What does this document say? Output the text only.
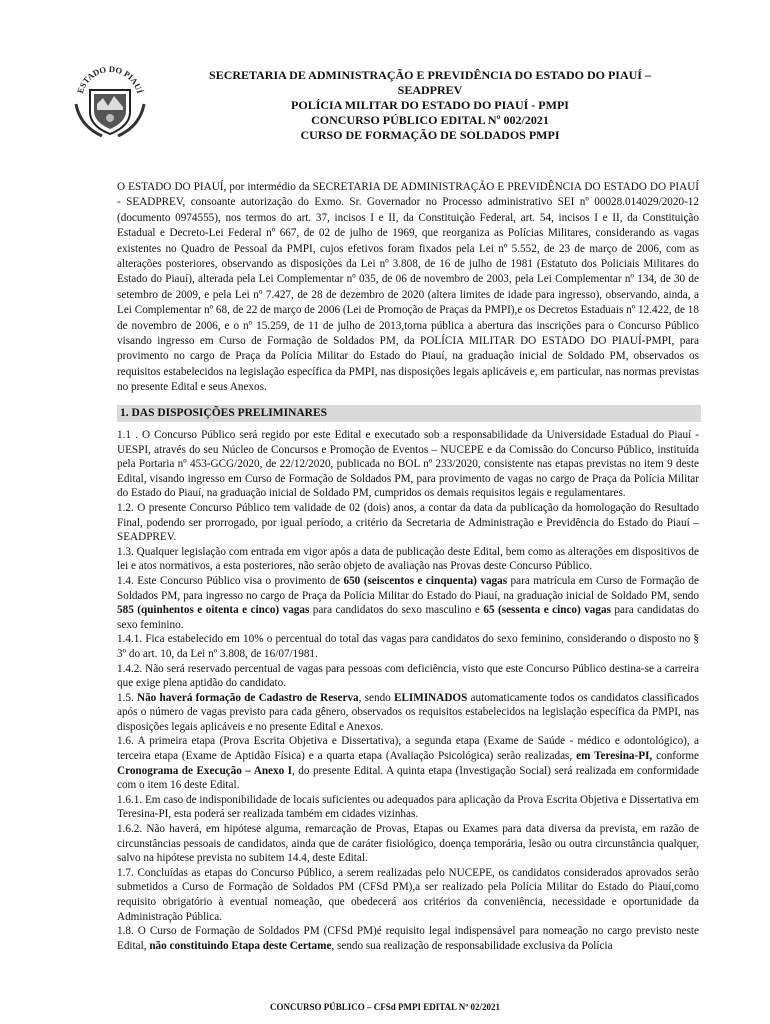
ESTADO DO PIAUÍ
SECRETARIA DE ADMINISTRAÇÃO E PREVIDÊNCIA DO ESTADO DO PIAUÍ –
SEADPREV
POLÍCIA MILITAR DO ESTADO DO PIAUÍ - PMPI
CONCURSO PÚBLICO EDITAL Nº 002/2021
CURSO DE FORMAÇÃO DE SOLDADOS PMPI
O ESTADO DO PIAUÍ, por intermédio da SECRETARIA DE ADMINISTRAÇÃO E PREVIDÊNCIA DO ESTADO DO PIAUÍ - SEADPREV, consoante autorização do Exmo. Sr. Governador no Processo administrativo SEI nº 00028.014029/2020-12 (documento 0974555), nos termos do art. 37, incisos I e II, da Constituição Federal, art. 54, incisos I e II, da Constituição Estadual e Decreto-Lei Federal nº 667, de 02 de julho de 1969, que reorganiza as Polícias Militares, considerando as vagas existentes no Quadro de Pessoal da PMPI, cujos efetivos foram fixados pela Lei nº 5.552, de 23 de março de 2006, com as alterações posteriores, observando as disposições da Lei nº 3.808, de 16 de julho de 1981 (Estatuto dos Policiais Militares do Estado do Piauí), alterada pela Lei Complementar nº 035, de 06 de novembro de 2003, pela Lei Complementar nº 134, de 30 de setembro de 2009, e pela Lei nº 7.427, de 28 de dezembro de 2020 (altera limites de idade para ingresso), observando, ainda, a Lei Complementar nº 68, de 22 de março de 2006 (Lei de Promoção de Praças da PMPI),e os Decretos Estaduais nº 12.422, de 18 de novembro de 2006, e o nº 15.259, de 11 de julho de 2013,torna pública a abertura das inscrições para o Concurso Público visando ingresso em Curso de Formação de Soldados PM, da POLÍCIA MILITAR DO ESTADO DO PIAUÍ-PMPI, para provimento no cargo de Praça da Polícia Militar do Estado do Piauí, na graduação inicial de Soldado PM, observados os requisitos estabelecidos na legislação específica da PMPI, nas disposições legais aplicáveis e, em particular, nas normas previstas no presente Edital e seus Anexos.
1. DAS DISPOSIÇÕES PRELIMINARES

1.1 . O Concurso Público será regido por este Edital e executado sob a responsabilidade da Universidade Estadual do Piauí - UESPI, através do seu Núcleo de Concursos e Promoção de Eventos – NUCEPE e da Comissão do Concurso Público, instituída pela Portaria nº 453-GCG/2020, de 22/12/2020, publicada no BOL nº 233/2020, consistente nas etapas previstas no item 9 deste Edital, visando ingresso em Curso de Formação de Soldados PM, para provimento de vagas no cargo de Praça da Polícia Militar do Estado do Piauí, na graduação inicial de Soldado PM, cumpridos os demais requisitos legais e regulamentares.

1.2. O presente Concurso Público tem validade de 02 (dois) anos, a contar da data da publicação da homologação do Resultado Final, podendo ser prorrogado, por igual período, a critério da Secretaria de Administração e Previdência do Estado do Piauí – SEADPREV.

1.3. Qualquer legislação com entrada em vigor após a data de publicação deste Edital, bem como as alterações em dispositivos de lei e atos normativos, a esta posteriores, não serão objeto de avaliação nas Provas deste Concurso Público.

1.4. Este Concurso Público visa o provimento de 650 (seiscentos e cinquenta) vagas para matrícula em Curso de Formação de Soldados PM, para ingresso no cargo de Praça da Polícia Militar do Estado do Piauí, na graduação inicial de Soldado PM, sendo 585 (quinhentos e oitenta e cinco) vagas para candidatos do sexo masculino e 65 (sessenta e cinco) vagas para candidatas do sexo feminino.

1.4.1. Fica estabelecido em 10% o percentual do total das vagas para candidatos do sexo feminino, considerando o disposto no § 3º do art. 10, da Lei nº 3.808, de 16/07/1981.

1.4.2. Não será reservado percentual de vagas para pessoas com deficiência, visto que este Concurso Público destina-se a carreira que exige plena aptidão do candidato.

1.5. Não haverá formação de Cadastro de Reserva, sendo ELIMINADOS automaticamente todos os candidatos classificados após o número de vagas previsto para cada gênero, observados os requisitos estabelecidos na legislação específica da PMPI, nas disposições legais aplicáveis e no presente Edital e Anexos.

1.6. A primeira etapa (Prova Escrita Objetiva e Dissertativa), a segunda etapa (Exame de Saúde - médico e odontológico), a terceira etapa (Exame de Aptidão Física) e a quarta etapa (Avaliação Psicológica) serão realizadas, em Teresina-PI, conforme Cronograma de Execução – Anexo I, do presente Edital. A quinta etapa (Investigação Social) será realizada em conformidade com o item 16 deste Edital.

1.6.1. Em caso de indisponibilidade de locais suficientes ou adequados para aplicação da Prova Escrita Objetiva e Dissertativa em Teresina-PI, esta poderá ser realizada também em cidades vizinhas.

1.6.2. Não haverá, em hipótese alguma, remarcação de Provas, Etapas ou Exames para data diversa da prevista, em razão de circunstâncias pessoais de candidatos, ainda que de caráter fisiológico, doença temporária, lesão ou outra circunstância qualquer, salvo na hipótese prevista no subitem 14.4, deste Edital.

1.7. Concluídas as etapas do Concurso Público, a serem realizadas pelo NUCEPE, os candidatos considerados aprovados serão submetidos a Curso de Formação de Soldados PM (CFSd PM),a ser realizado pela Polícia Militar do Estado do Piauí,como requisito obrigatório à eventual nomeação, que obedecerá aos critérios da conveniência, necessidade e oportunidade da Administração Pública.

1.8. O Curso de Formação de Soldados PM (CFSd PM)é requisito legal indispensável para nomeação no cargo previsto neste Edital, não constituindo Etapa deste Certame, sendo sua realização de responsabilidade exclusiva da Polícia

CONCURSO PÚBLICO – CFSd PMPI EDITAL Nº 02/2021
